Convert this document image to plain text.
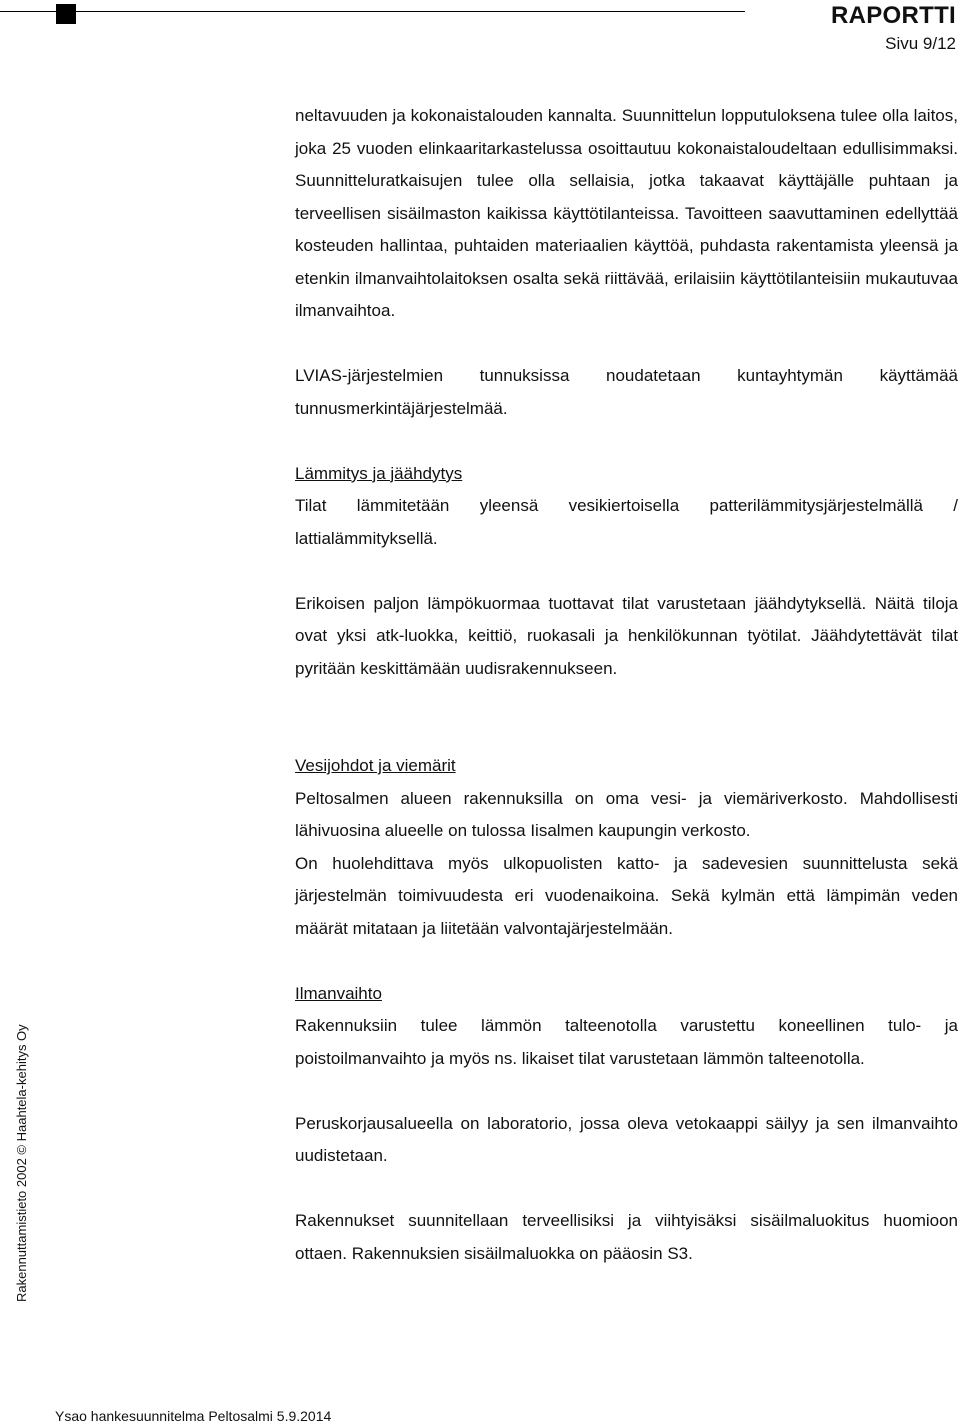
RAPORTTI
Sivu 9/12

neltavuuden ja kokonaistalouden kannalta. Suunnittelun lopputuloksena tulee olla laitos, joka 25 vuoden elinkaaritarkastelussa osoittautuu kokonaistaloudeltaan edullisimmaksi. Suunnitteluratkaisujen tulee olla sellaisia, jotka takaavat käyttäjälle puhtaan ja terveellisen sisäilmaston kaikissa käyttötilanteissa. Tavoitteen saavuttaminen edellyttää kosteuden hallintaa, puhtaiden materiaalien käyttöä, puhdasta rakentamista yleensä ja etenkin ilmanvaihtolaitoksen osalta sekä riittävää, erilaisiin käyttötilanteisiin mukautuvaa ilmanvaihtoa.

LVIAS-järjestelmien tunnuksissa noudatetaan kuntayhtymän käyttämää tunnusmerkintäjärjestelmää.

Lämmitys ja jäähdytys

Tilat lämmitetään yleensä vesikiertoisella patterilämmitysjärjestelmällä / lattialämmityksellä.

Erikoisen paljon lämpökuormaa tuottavat tilat varustetaan jäähdytyksellä. Näitä tiloja ovat yksi atk-luokka, keittiö, ruokasali ja henkilökunnan työtilat. Jäähdytettävät tilat pyritään keskittämään uudisrakennukseen.

Vesijohdot ja viemärit

Peltosalmen alueen rakennuksilla on oma vesi- ja viemäriverkosto. Mahdollisesti lähivuosina alueelle on tulossa Iisalmen kaupungin verkosto.

On huolehdittava myös ulkopuolisten katto- ja sadevesien suunnittelusta sekä järjestelmän toimivuudesta eri vuodenaikoina. Sekä kylmän että lämpimän veden määrät mitataan ja liitetään valvontajärjestelmään.

Ilmanvaihto

Rakennuksiin tulee lämmön talteenotolla varustettu koneellinen tulo- ja poistoilmanvaihto ja myös ns. likaiset tilat varustetaan lämmön talteenotolla.

Peruskorjausalueella on laboratorio, jossa oleva vetokaappi säilyy ja sen ilmanvaihto uudistetaan.

Rakennukset suunnitellaan terveellisiksi ja viihtyisäksi sisäilmaluokitus huomioon ottaen. Rakennuksien sisäilmaluokka on pääosin S3.

Rakennuttamistieto 2002 © Haahtela-kehitys Oy
Ysao hankesuunnitelma Peltosalmi 5.9.2014
